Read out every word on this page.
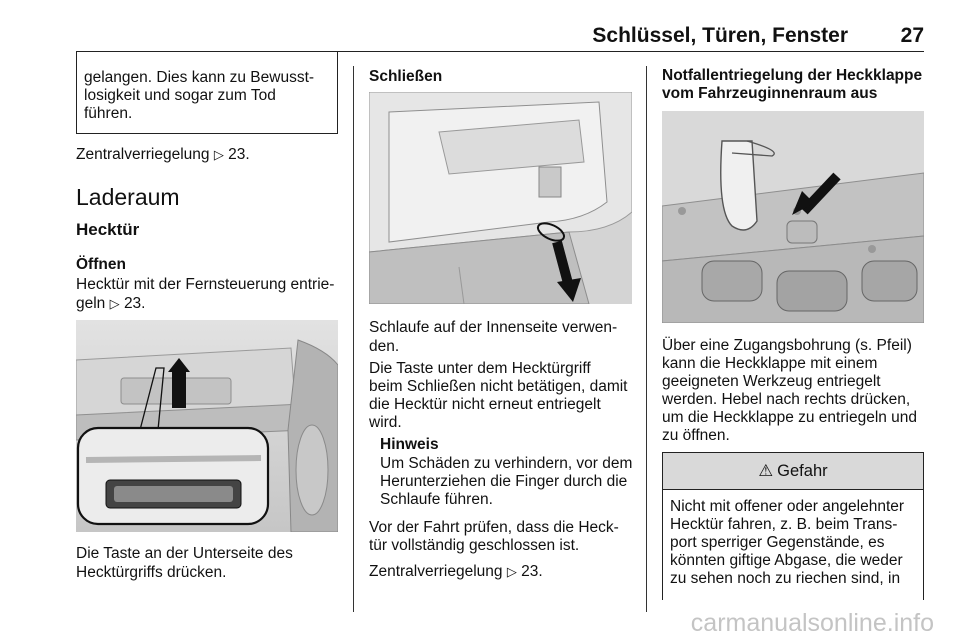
Schlüssel, Türen, Fenster	27
gelangen. Dies kann zu Bewusst-
losigkeit und sogar zum Tod
führen.
Zentralverriegelung ▷ 23.
Laderaum
Hecktür
Öffnen
Hecktür mit der Fernsteuerung entrie-
geln ▷ 23.
Die Taste an der Unterseite des
Hecktürgriffs drücken.
Schließen
Schlaufe auf der Innenseite verwen-
den.
Die Taste unter dem Hecktürgriff
beim Schließen nicht betätigen, damit
die Hecktür nicht erneut entriegelt
wird.
Hinweis
Um Schäden zu verhindern, vor dem
Herunterziehen die Finger durch die
Schlaufe führen.
Vor der Fahrt prüfen, dass die Heck-
tür vollständig geschlossen ist.
Zentralverriegelung ▷ 23.
Notfallentriegelung der Heckklappe
vom Fahrzeuginnenraum aus
Über eine Zugangsbohrung (s. Pfeil)
kann die Heckklappe mit einem
geeigneten Werkzeug entriegelt
werden. Hebel nach rechts drücken,
um die Heckklappe zu entriegeln und
zu öffnen.
⚠ Gefahr
Nicht mit offener oder angelehnter
Hecktür fahren, z. B. beim Trans-
port sperriger Gegenstände, es
könnten giftige Abgase, die weder
zu sehen noch zu riechen sind, in
carmanualsonline.info
